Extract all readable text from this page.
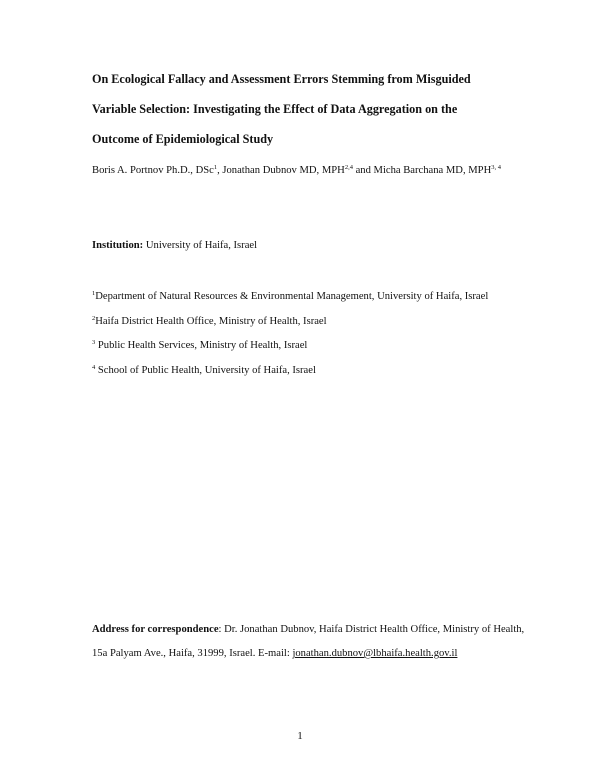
On Ecological Fallacy and Assessment Errors Stemming from Misguided
Variable Selection: Investigating the Effect of Data Aggregation on the
Outcome of Epidemiological Study
Boris A. Portnov Ph.D., DSc$^1$, Jonathan Dubnov MD, MPH$^{2,4}$ and Micha Barchana MD, MPH$^{3, 4}$
Institution: University of Haifa, Israel
$^1$Department of Natural Resources & Environmental Management, University of Haifa, Israel
$^2$Haifa District Health Office, Ministry of Health, Israel
$^3$ Public Health Services, Ministry of Health, Israel
$^4$ School of Public Health, University of Haifa, Israel
Address for correspondence: Dr. Jonathan Dubnov, Haifa District Health Office, Ministry of Health,
15a Palyam Ave., Haifa, 31999, Israel. E-mail: jonathan.dubnov@lbhaifa.health.gov.il
1
